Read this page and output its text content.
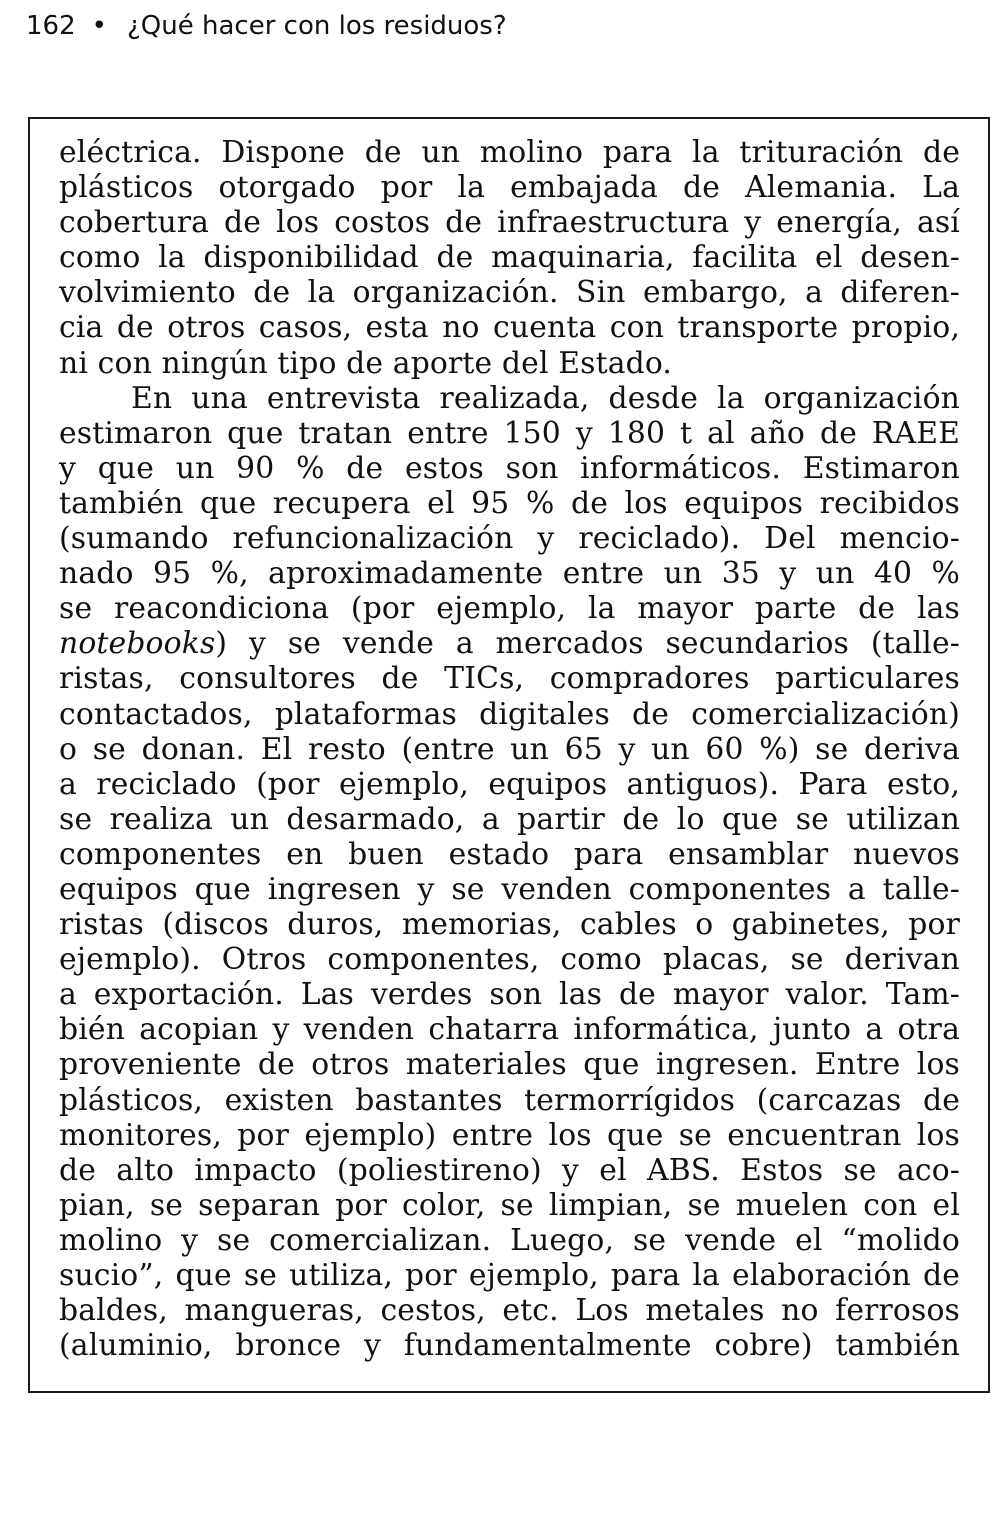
162 • ¿Qué hacer con los residuos?
eléctrica. Dispone de un molino para la trituración de
plásticos otorgado por la embajada de Alemania. La
cobertura de los costos de infraestructura y energía, así
como la disponibilidad de maquinaria, facilita el desen-
volvimiento de la organización. Sin embargo, a diferen-
cia de otros casos, esta no cuenta con transporte propio,
ni con ningún tipo de aporte del Estado.
En una entrevista realizada, desde la organización
estimaron que tratan entre 150 y 180 t al año de RAEE
y que un 90 % de estos son informáticos. Estimaron
también que recupera el 95 % de los equipos recibidos
(sumando refuncionalización y reciclado). Del mencio-
nado 95 %, aproximadamente entre un 35 y un 40 %
se reacondiciona (por ejemplo, la mayor parte de las
notebooks) y se vende a mercados secundarios (talle-
ristas, consultores de TICs, compradores particulares
contactados, plataformas digitales de comercialización)
o se donan. El resto (entre un 65 y un 60 %) se deriva
a reciclado (por ejemplo, equipos antiguos). Para esto,
se realiza un desarmado, a partir de lo que se utilizan
componentes en buen estado para ensamblar nuevos
equipos que ingresen y se venden componentes a talle-
ristas (discos duros, memorias, cables o gabinetes, por
ejemplo). Otros componentes, como placas, se derivan
a exportación. Las verdes son las de mayor valor. Tam-
bién acopian y venden chatarra informática, junto a otra
proveniente de otros materiales que ingresen. Entre los
plásticos, existen bastantes termorrígidos (carcazas de
monitores, por ejemplo) entre los que se encuentran los
de alto impacto (poliestireno) y el ABS. Estos se aco-
pian, se separan por color, se limpian, se muelen con el
molino y se comercializan. Luego, se vende el “molido
sucio”, que se utiliza, por ejemplo, para la elaboración de
baldes, mangueras, cestos, etc. Los metales no ferrosos
(aluminio, bronce y fundamentalmente cobre) también
